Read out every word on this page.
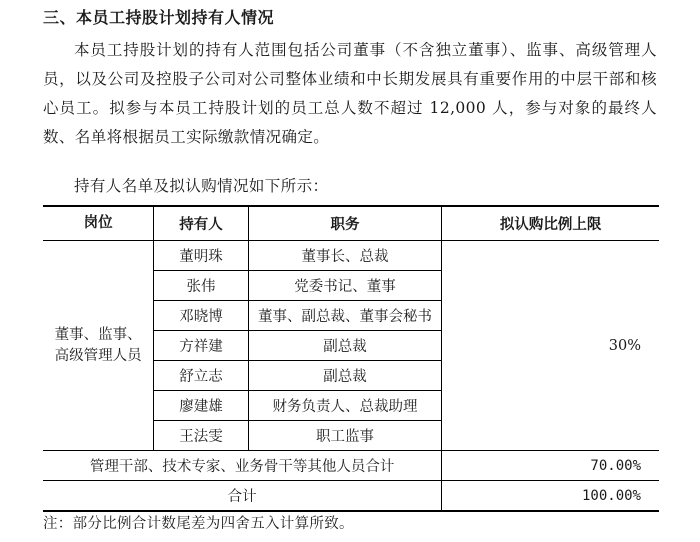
三、本员工持股计划持有人情况
本员工持股计划的持有人范围包括公司董事（不含独立董事）、监事、高级管理人员，以及公司及控股子公司对公司整体业绩和中长期发展具有重要作用的中层干部和核心员工。拟参与本员工持股计划的员工总人数不超过 12,000 人，参与对象的最终人数、名单将根据员工实际缴款情况确定。
持有人名单及拟认购情况如下所示：
岗位	持有人	职务	拟认购比例上限

董事、监事、
高级管理人员	董明珠	董事长、总裁	30%
	张伟	党委书记、董事	
	邓晓博	董事、副总裁、董事会秘书	
	方祥建	副总裁	
	舒立志	副总裁	
	廖建雄	财务负责人、总裁助理	
	王法雯	职工监事	
管理干部、技术专家、业务骨干等其他人员合计			70.00%
合计			100.00%
注：部分比例合计数尾差为四舍五入计算所致。
